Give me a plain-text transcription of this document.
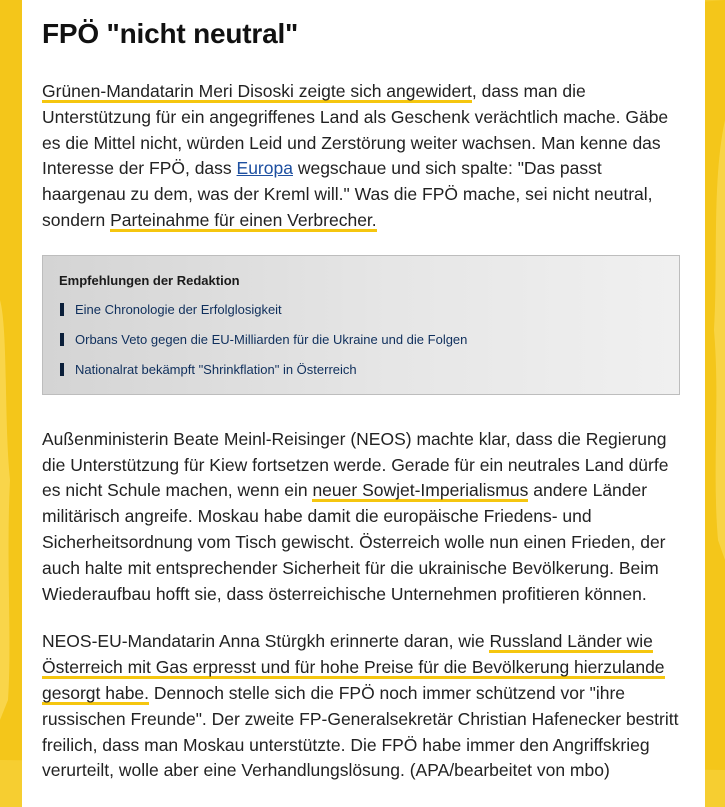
FPÖ "nicht neutral"

Grünen-Mandatarin Meri Disoski zeigte sich angewidert, dass man die Unterstützung für ein angegriffenes Land als Geschenk verächtlich mache. Gäbe es die Mittel nicht, würden Leid und Zerstörung weiter wachsen. Man kenne das Interesse der FPÖ, dass Europa wegschaue und sich spalte: "Das passt haargenau zu dem, was der Kreml will." Was die FPÖ mache, sei nicht neutral, sondern Parteinahme für einen Verbrecher.

Empfehlungen der Redaktion
Eine Chronologie der Erfolglosigkeit
Orbans Veto gegen die EU-Milliarden für die Ukraine und die Folgen
Nationalrat bekämpft "Shrinkflation" in Österreich

Außenministerin Beate Meinl-Reisinger (NEOS) machte klar, dass die Regierung die Unterstützung für Kiew fortsetzen werde. Gerade für ein neutrales Land dürfe es nicht Schule machen, wenn ein neuer Sowjet-Imperialismus andere Länder militärisch angreife. Moskau habe damit die europäische Friedens- und Sicherheitsordnung vom Tisch gewischt. Österreich wolle nun einen Frieden, der auch halte mit entsprechender Sicherheit für die ukrainische Bevölkerung. Beim Wiederaufbau hofft sie, dass österreichische Unternehmen profitieren können.

NEOS-EU-Mandatarin Anna Stürgkh erinnerte daran, wie Russland Länder wie Österreich mit Gas erpresst und für hohe Preise für die Bevölkerung hierzulande gesorgt habe. Dennoch stelle sich die FPÖ noch immer schützend vor "ihre russischen Freunde". Der zweite FP-Generalsekretär Christian Hafenecker bestritt freilich, dass man Moskau unterstützte. Die FPÖ habe immer den Angriffskrieg verurteilt, wolle aber eine Verhandlungslösung. (APA/bearbeitet von mbo)
